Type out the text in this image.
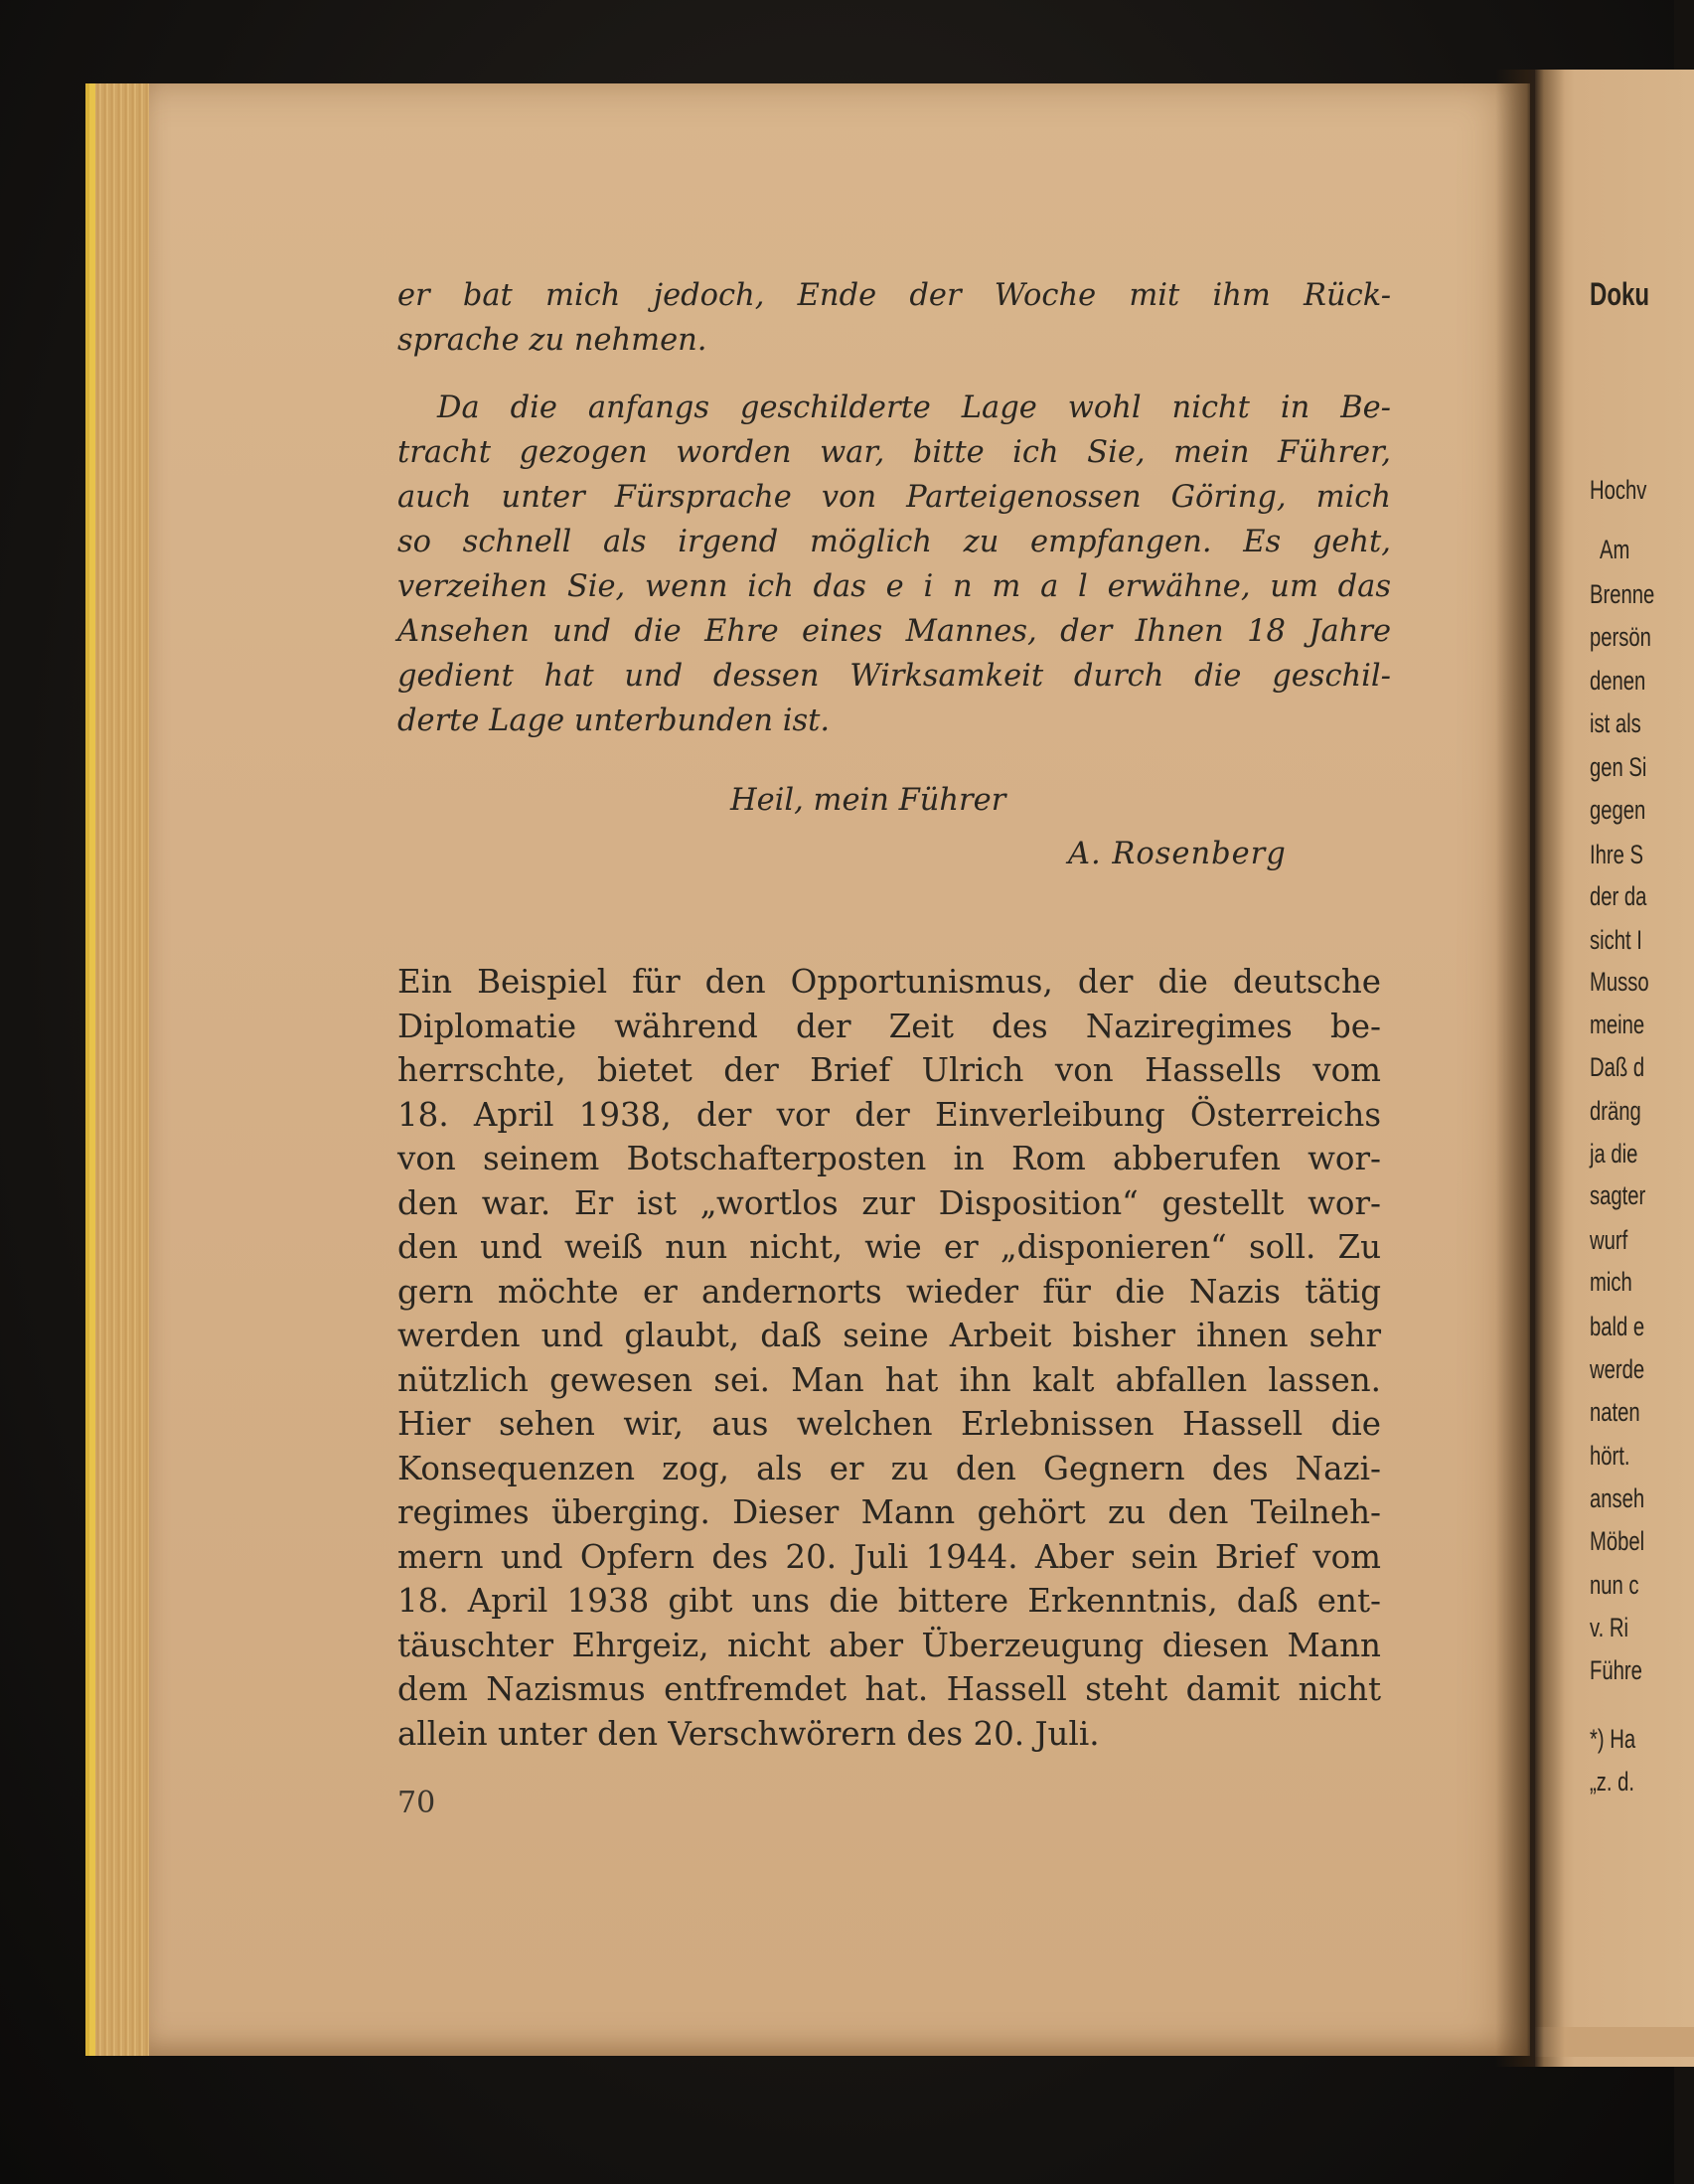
er bat mich jedoch, Ende der Woche mit ihm Rück-
sprache zu nehmen.
Da die anfangs geschilderte Lage wohl nicht in Be-
tracht gezogen worden war, bitte ich Sie, mein Führer,
auch unter Fürsprache von Parteigenossen Göring, mich
so schnell als irgend möglich zu empfangen. Es geht,
verzeihen Sie, wenn ich das e i n m a l erwähne, um das
Ansehen und die Ehre eines Mannes, der Ihnen 18 Jahre
gedient hat und dessen Wirksamkeit durch die geschil-
derte Lage unterbunden ist.
Heil, mein Führer
A. Rosenberg
Ein Beispiel für den Opportunismus, der die deutsche
Diplomatie während der Zeit des Naziregimes be-
herrschte, bietet der Brief Ulrich von Hassells vom
18. April 1938, der vor der Einverleibung Österreichs
von seinem Botschafterposten in Rom abberufen wor-
den war. Er ist „wortlos zur Disposition“ gestellt wor-
den und weiß nun nicht, wie er „disponieren“ soll. Zu
gern möchte er andernorts wieder für die Nazis tätig
werden und glaubt, daß seine Arbeit bisher ihnen sehr
nützlich gewesen sei. Man hat ihn kalt abfallen lassen.
Hier sehen wir, aus welchen Erlebnissen Hassell die
Konsequenzen zog, als er zu den Gegnern des Nazi-
regimes überging. Dieser Mann gehört zu den Teilneh-
mern und Opfern des 20. Juli 1944. Aber sein Brief vom
18. April 1938 gibt uns die bittere Erkenntnis, daß ent-
täuschter Ehrgeiz, nicht aber Überzeugung diesen Mann
dem Nazismus entfremdet hat. Hassell steht damit nicht
allein unter den Verschwörern des 20. Juli.
70
Doku
Hochv
Am
Brenne
persön
denen
ist als
gen Si
gegen
Ihre S
der da
sicht I
Musso
meine
Daß d
dräng
ja die
sagter
wurf
mich
bald e
werde
naten
hört.
anseh
Möbel
nun c
v. Ri
Führe
*) Ha
„z. d.
